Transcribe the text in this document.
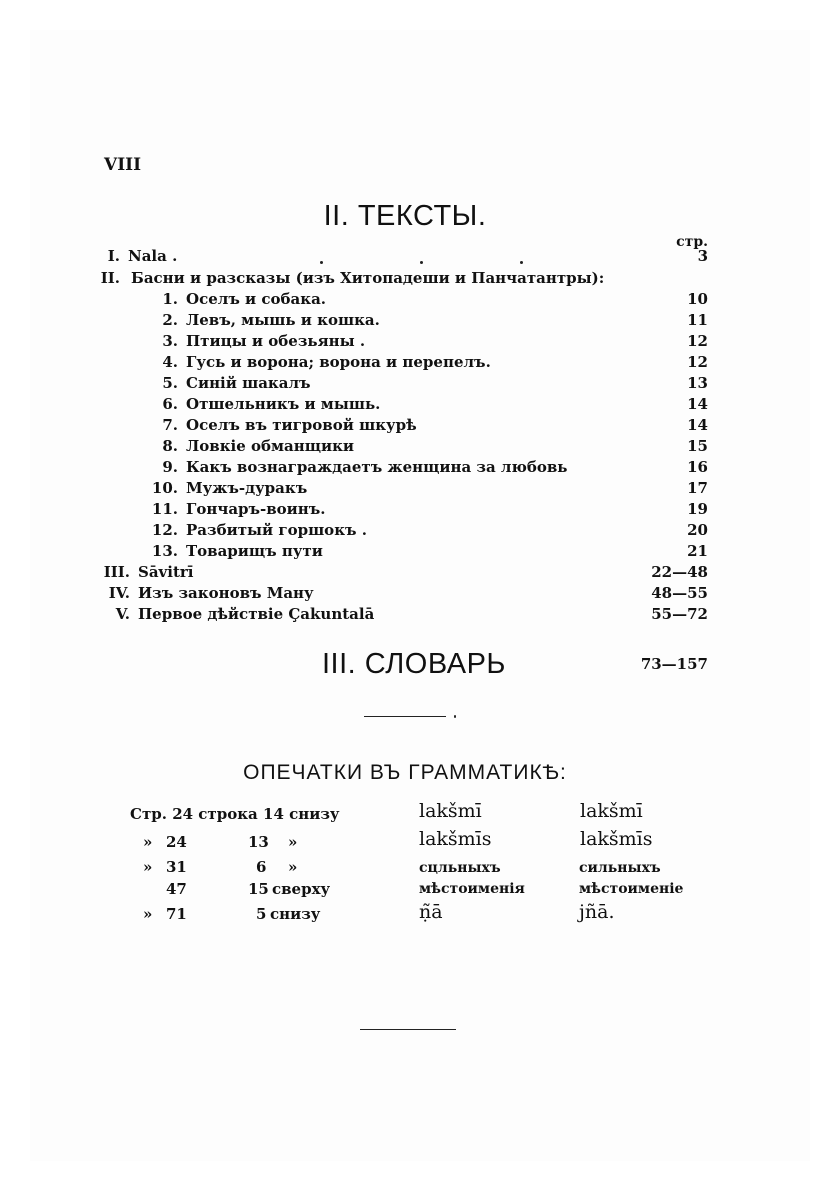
VIII
II. ТЕКСТЫ.
стр.
I. Nala .	3
II. Басни и разсказы (изъ Хитопадеши и Панчатантры):
1. Оселъ и собака.	10
2. Левъ, мышь и кошка.	11
3. Птицы и обезьяны .	12
4. Гусь и ворона; ворона и перепелъ.	12
5. Синій шакалъ	13
6. Отшельникъ и мышь.	14
7. Оселъ въ тигровой шкурѣ	14
8. Ловкіе обманщики	15
9. Какъ вознаграждаетъ женщина за любовь	16
10. Мужъ-дуракъ	17
11. Гончаръ-воинъ.	19
12. Разбитый горшокъ .	20
13. Товарищъ пути	21
III. Sāvitrī	22—48
IV. Изъ законовъ Ману	48—55
V. Первое дѣйствіе Çakuntalā	55—72
III. СЛОВАРЬ	73—157
ОПЕЧАТКИ ВЪ ГРАММАТИКѢ:
Стр. 24 строка 14 снизу	lakšmī	lakšmī
» 24	13 »	lakšmīs	lakšmīs
» 31	6 »	сцльныхъ	сильныхъ
47	15 сверху	мѣстоименія	мѣстоименіе
» 71	5 снизу	ṇ̃ā	jñā.
